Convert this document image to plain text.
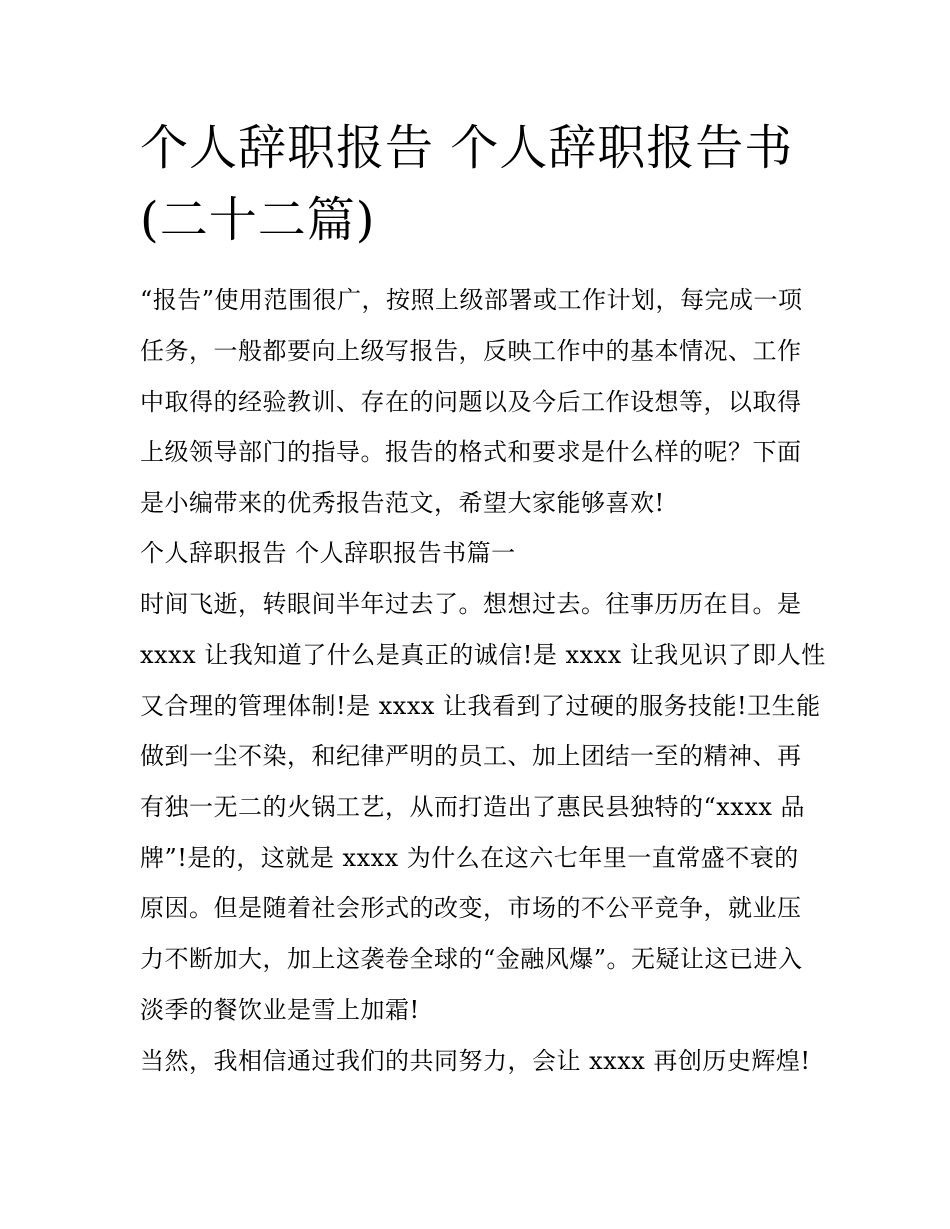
个人辞职报告 个人辞职报告书
(二十二篇)

“报告”使用范围很广，按照上级部署或工作计划，每完成一项

任务，一般都要向上级写报告，反映工作中的基本情况、工作

中取得的经验教训、存在的问题以及今后工作设想等，以取得

上级领导部门的指导。报告的格式和要求是什么样的呢？下面

是小编带来的优秀报告范文，希望大家能够喜欢!

个人辞职报告 个人辞职报告书篇一

时间飞逝，转眼间半年过去了。想想过去。往事历历在目。是

xxxx 让我知道了什么是真正的诚信!是 xxxx 让我见识了即人性

又合理的管理体制!是 xxxx 让我看到了过硬的服务技能!卫生能

做到一尘不染，和纪律严明的员工、加上团结一至的精神、再

有独一无二的火锅工艺，从而打造出了惠民县独特的“xxxx 品

牌”!是的，这就是 xxxx 为什么在这六七年里一直常盛不衰的

原因。但是随着社会形式的改变，市场的不公平竞争，就业压

力不断加大，加上这袭卷全球的“金融风爆”。无疑让这已进入

淡季的餐饮业是雪上加霜!

当然，我相信通过我们的共同努力，会让 xxxx 再创历史辉煌!
